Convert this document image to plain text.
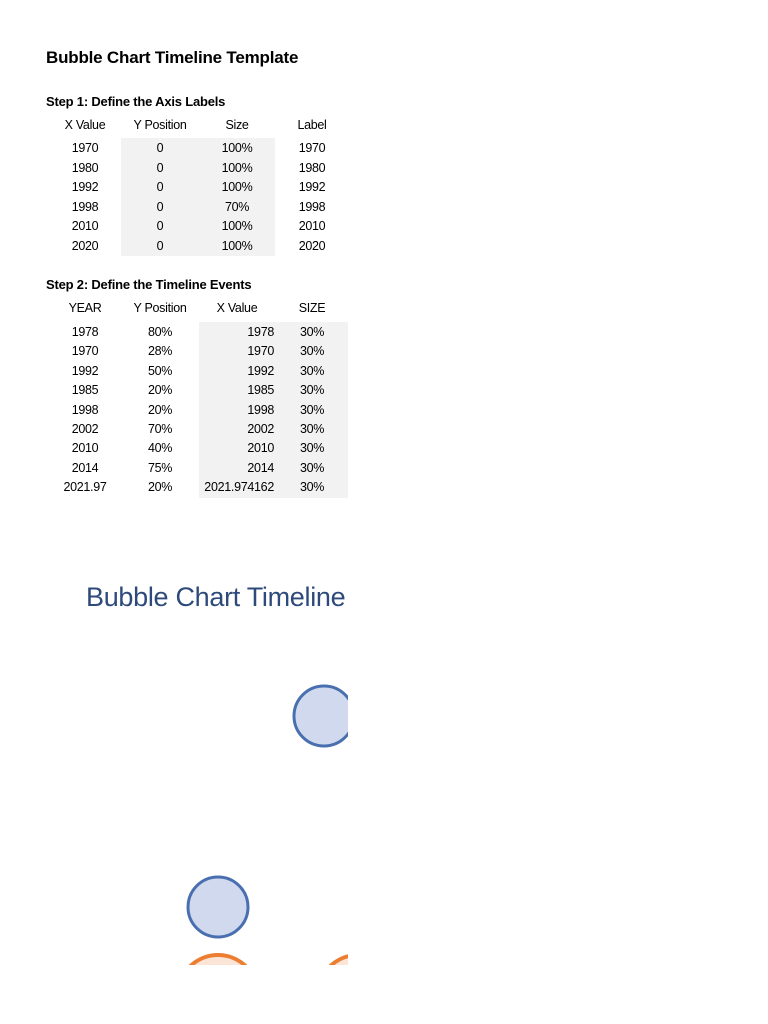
Bubble Chart Timeline Template
Step 1: Define the Axis Labels
X Value	Y Position	Size	Label
1970	0	100%	1970
1980	0	100%	1980
1992	0	100%	1992
1998	0	70%	1998
2010	0	100%	2010
2020	0	100%	2020
Step 2: Define the Timeline Events
YEAR	Y Position	X Value	SIZE
1978	80%	1978	30%
1970	28%	1970	30%
1992	50%	1992	30%
1985	20%	1985	30%
1998	20%	1998	30%
2002	70%	2002	30%
2010	40%	2010	30%
2014	75%	2014	30%
2021.97	20%	2021.974162	30%
Bubble Chart Timeline
